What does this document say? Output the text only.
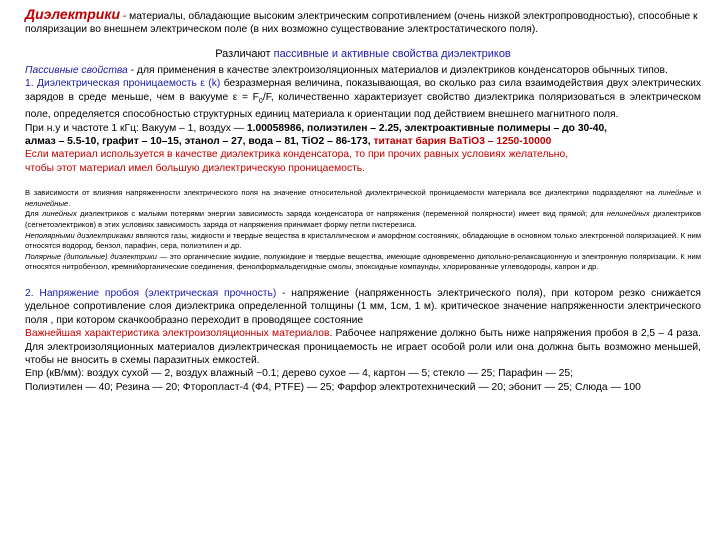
Диэлектрики - материалы, обладающие высоким электрическим сопротивлением (очень низкой электропроводностью), способные к поляризации во внешнем электрическом поле (в них возможно существование электростатического поля).
Различают пассивные и активные свойства диэлектриков
Пассивные свойства - для применения в качестве электроизоляционных материалов и диэлектриков конденсаторов обычных типов.
1. Диэлектрическая проницаемость ε (k) безразмерная величина, показывающая, во сколько раз сила взаимодействия двух электрических зарядов в среде меньше, чем в вакууме $\varepsilon = F_0/F$, количественно характеризует свойство диэлектрика поляризоваться в электрическом поле, определяется способностью структурных единиц материала к ориентации под действием внешнего магнитного поля.
При н.у и частоте 1 кГц: Вакуум – 1, воздух — 1.00058986, полиэтилен – 2.25, электроактивные полимеры – до 30-40,
алмаз – 5.5-10, графит – 10–15, этанол – 27, вода – 81, TiO2 – 86-173, титанат бария BaTiO3 – 1250-10000
Если материал используется в качестве диэлектрика конденсатора, то при прочих равных условиях желательно,
чтобы этот материал имел большую диэлектрическую проницаемость.
В зависимости от влияния напряженности электрического поля на значение относительной диэлектрической проницаемости материала все диэлектрики подразделяют на линейные и нелинейные.
Для линейных диэлектриков с малыми потерями энергии зависимость заряда конденсатора от напряжения (переменной полярности) имеет вид прямой; для нелинейных диэлектриков (сегнетоэлектриков) в этих условиях зависимость заряда от напряжения принимает форму петли гистерезиса.
Неполярными диэлектриками являются газы, жидкости и твердые вещества в кристаллическом и аморфном состояниях, обладающие в основном только электронной поляризацией. К ним относятся водород, бензол, парафин, сера, полиэтилен и др.
Полярные (дипольные) диэлектрики — это органические жидкие, полужидкие и твердые вещества, имеющие одновременно дипольно-релаксационную и электронную поляризации. К ним относятся нитробензол, кремнийорганические соединения, фенолформальдегидные смолы, эпоксидные компаунды, хлорированные углеводороды, капрон и др.
2. Напряжение пробоя (электрическая прочность) - напряжение (напряженность электрического поля), при котором резко снижается удельное сопротивление слоя диэлектрика определенной толщины (1 мм, 1см, 1 м). критическое значение напряженности электрического поля , при котором скачкообразно переходит в проводящее состояние
Важнейшая характеристика электроизоляционных материалов. Рабочее напряжение должно быть ниже напряжения пробоя в 2,5 – 4 раза. Для электроизоляционных материалов диэлектрическая проницаемость не играет особой роли или она должна быть возможно меньшей, чтобы не вносить в схемы паразитных емкостей.
Епр (кВ/мм): воздух сухой — 2, воздух влажный ~0.1; дерево сухое — 4, картон — 5; стекло — 25; Парафин — 25;
Полиэтилен — 40; Резина — 20; Фторопласт-4 (Ф4, PTFE) — 25; Фарфор электротехнический — 20; эбонит — 25; Слюда — 100
